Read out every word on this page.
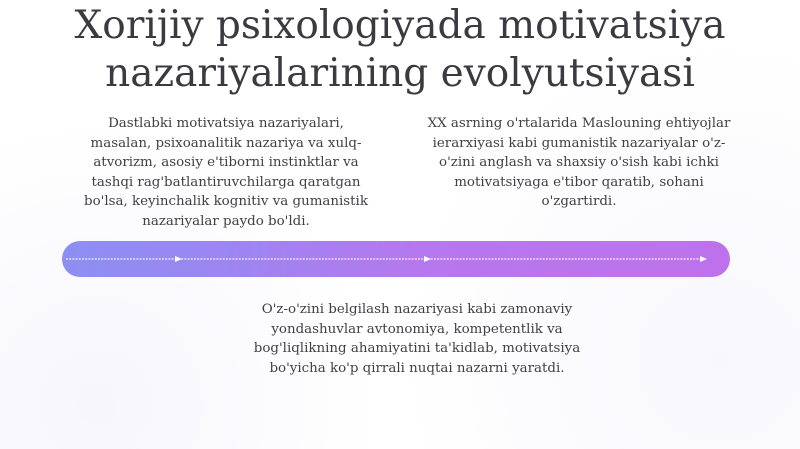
Xorijiy psixologiyada motivatsiya
nazariyalarining evolyutsiyasi
Dastlabki motivatsiya nazariyalari, masalan, psixoanalitik nazariya va xulq-atvorizm, asosiy e'tiborni instinktlar va tashqi rag'batlantiruvchilarga qaratgan bo'lsa, keyinchalik kognitiv va gumanistik nazariyalar paydo bo'ldi.
XX asrning o'rtalarida Maslouning ehtiyojlar ierarxiyasi kabi gumanistik nazariyalar o'z-o'zini anglash va shaxsiy o'sish kabi ichki motivatsiyaga e'tibor qaratib, sohani o'zgartirdi.
O'z-o'zini belgilash nazariyasi kabi zamonaviy yondashuvlar avtonomiya, kompetentlik va bog'liqlikning ahamiyatini ta'kidlab, motivatsiya bo'yicha ko'p qirrali nuqtai nazarni yaratdi.
